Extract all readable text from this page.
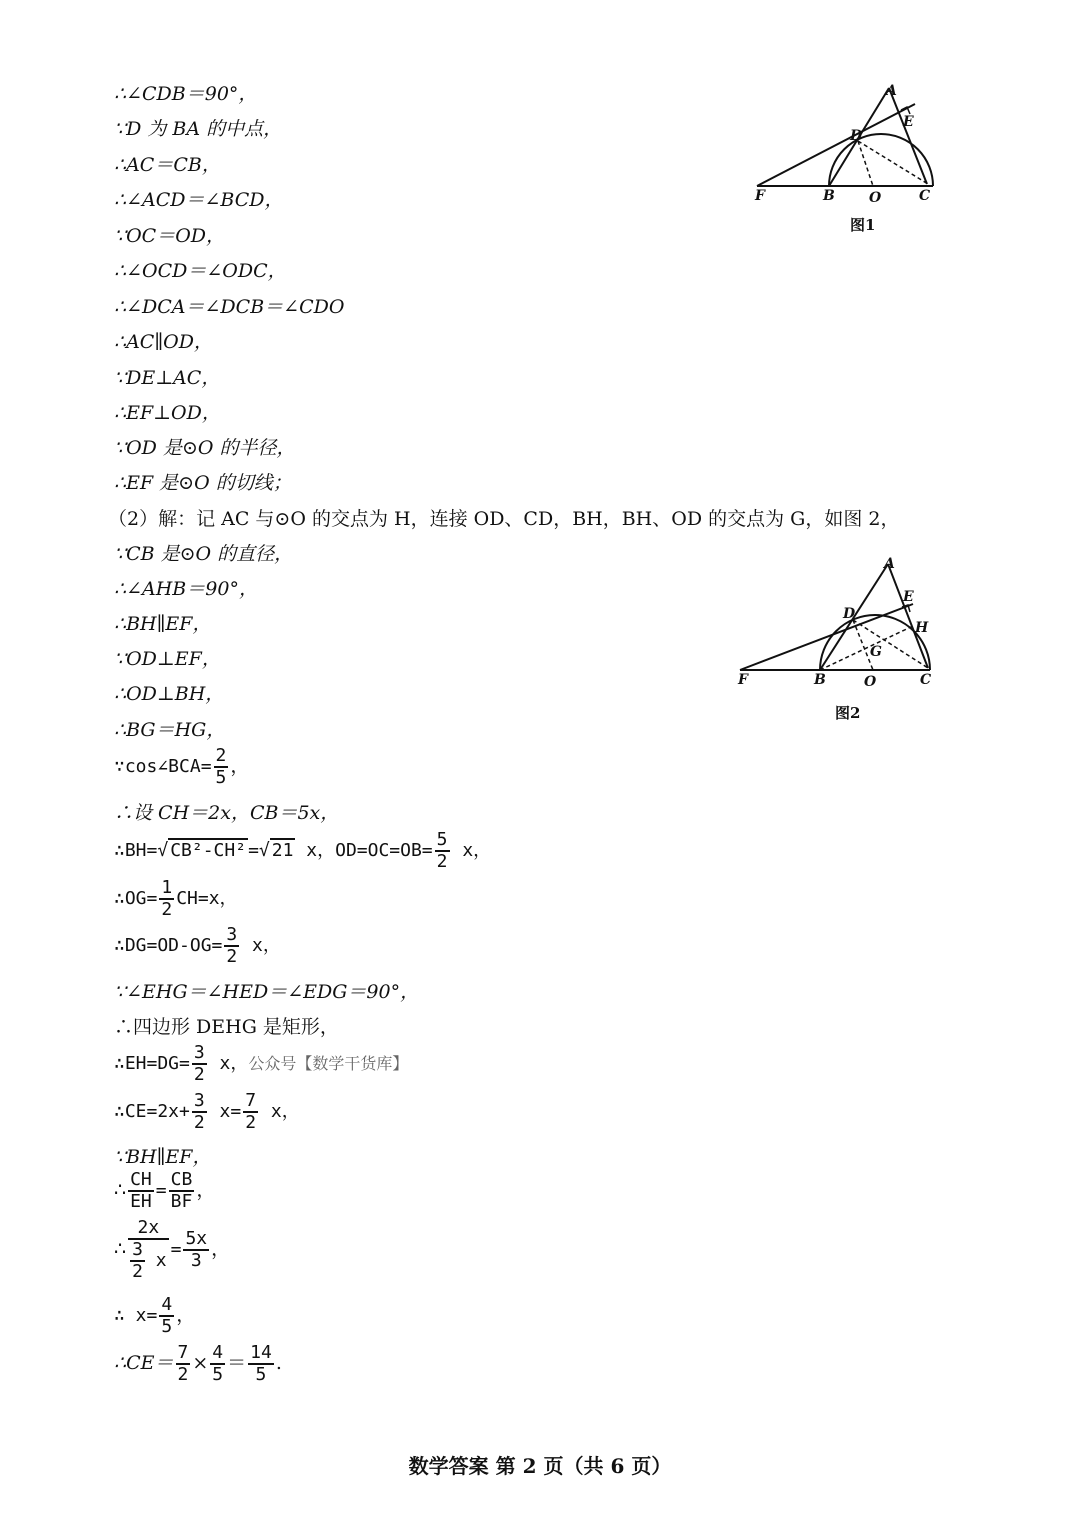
∴∠CDB＝90°，
∵D 为 BA 的中点，
∴AC＝CB，
∴∠ACD＝∠BCD，
∵OC＝OD，
∴∠OCD＝∠ODC，
∴∠DCA＝∠DCB＝∠CDO
∴AC∥OD，
∵DE⊥AC，
∴EF⊥OD，
∵OD 是⊙O 的半径，
∴EF 是⊙O 的切线；
（2）解：记 AC 与⊙O 的交点为 H，连接 OD、CD，BH，BH、OD 的交点为 G，如图 2，
∵CB 是⊙O 的直径，
∴∠AHB＝90°，
∴BH∥EF，
∵OD⊥EF，
∴OD⊥BH，
∴BG＝HG，
∵cos∠BCA= $\frac{2}{5}$ ，
∴设 CH＝2x，CB＝5x，
∴BH=√ CB²-CH² =√ 21 x，$OD=OC=OB= \frac{5}{2}$ x，
∴OG= $\frac{1}{2} CH=x$，
∴DG=OD-OG= $\frac{3}{2}$ x，
∵∠EHG＝∠HED＝∠EDG＝90°，
∴四边形 DEHG 是矩形，
∴EH=DG= $\frac{3}{2}$ x，公众号【数学干货库】
∴CE=2x+ $\frac{3}{2} x= \frac{7}{2}$ x，
∵BH∥EF，
∴ $\frac{CH}{EH} = \frac{CB}{BF}$ ，
∴ $\frac{2x}{\frac{3}{2} x} = \frac{5x}{3}$ ，
∴ $x= \frac{4}{5}$ ，
∴CE＝ $\frac{7}{2} \times \frac{4}{5} = \frac{14}{5}$ .
A
E
D
F	B O	C
图1
A
E
D
H
G
F	B	O	C
图2
数学答案 第 2 页（共 6 页）
